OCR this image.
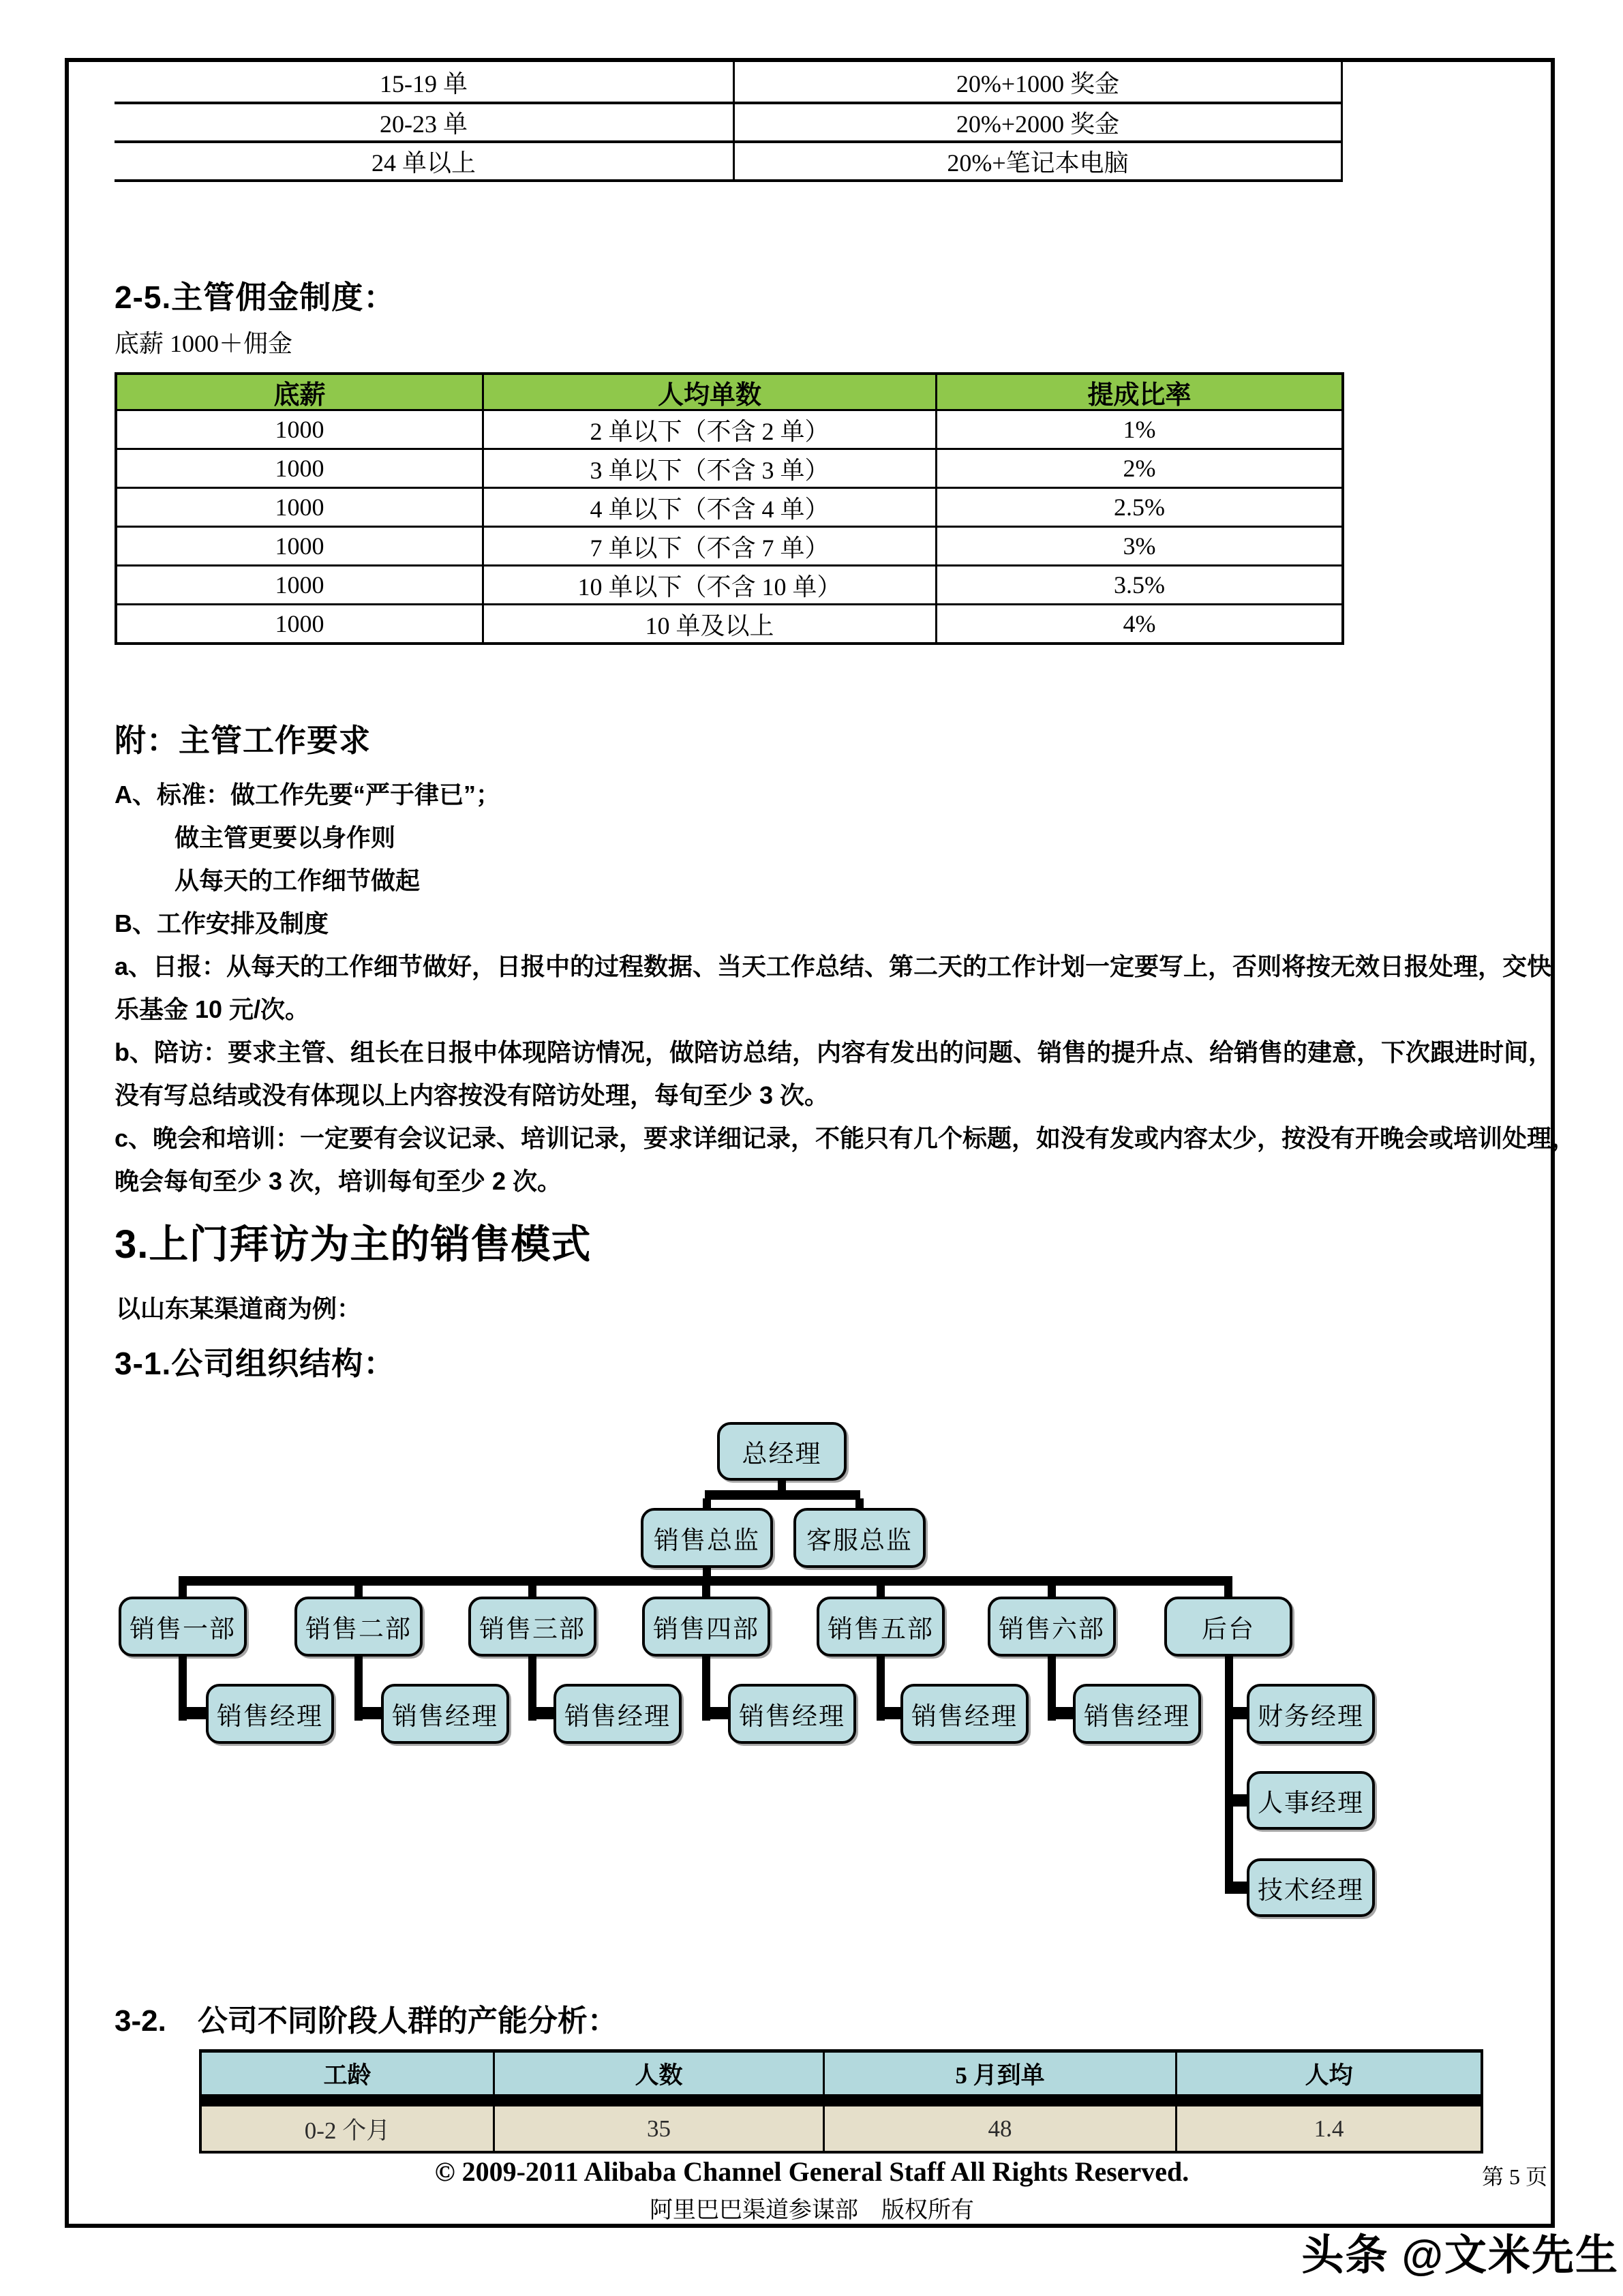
15-19 单	20%+1000 奖金
20-23 单	20%+2000 奖金
24 单以上	20%+笔记本电脑
2-5.主管佣金制度：
底薪 1000＋佣金
底薪	人均单数	提成比率
1000	2 单以下（不含 2 单）	1%
1000	3 单以下（不含 3 单）	2%
1000	4 单以下（不含 4 单）	2.5%
1000	7 单以下（不含 7 单）	3%
1000	10 单以下（不含 10 单）	3.5%
1000	10 单及以上	4%
附：主管工作要求
A、标准：做工作先要“严于律已”；
做主管更要以身作则
从每天的工作细节做起
B、工作安排及制度
a、日报：从每天的工作细节做好，日报中的过程数据、当天工作总结、第二天的工作计划一定要写上，否则将按无效日报处理，交快
乐基金 10 元/次。
b、陪访：要求主管、组长在日报中体现陪访情况，做陪访总结，内容有发出的问题、销售的提升点、给销售的建意，下次跟进时间，
没有写总结或没有体现以上内容按没有陪访处理，每旬至少 3 次。
c、晚会和培训：一定要有会议记录、培训记录，要求详细记录，不能只有几个标题，如没有发或内容太少，按没有开晚会或培训处理，
晚会每旬至少 3 次，培训每旬至少 2 次。
3.上门拜访为主的销售模式
以山东某渠道商为例：
3-1.公司组织结构：
总经理
销售总监	客服总监
销售一部	销售二部	销售三部	销售四部	销售五部	销售六部	后台
销售经理	销售经理	销售经理	销售经理	销售经理	销售经理	财务经理
人事经理
技术经理
3-2. 公司不同阶段人群的产能分析：
工龄	人数	5 月到单	人均
0-2 个月	35	48	1.4
© 2009-2011 Alibaba Channel General Staff All Rights Reserved.
阿里巴巴渠道参谋部　版权所有
第 5 页
头条 @文米先生
